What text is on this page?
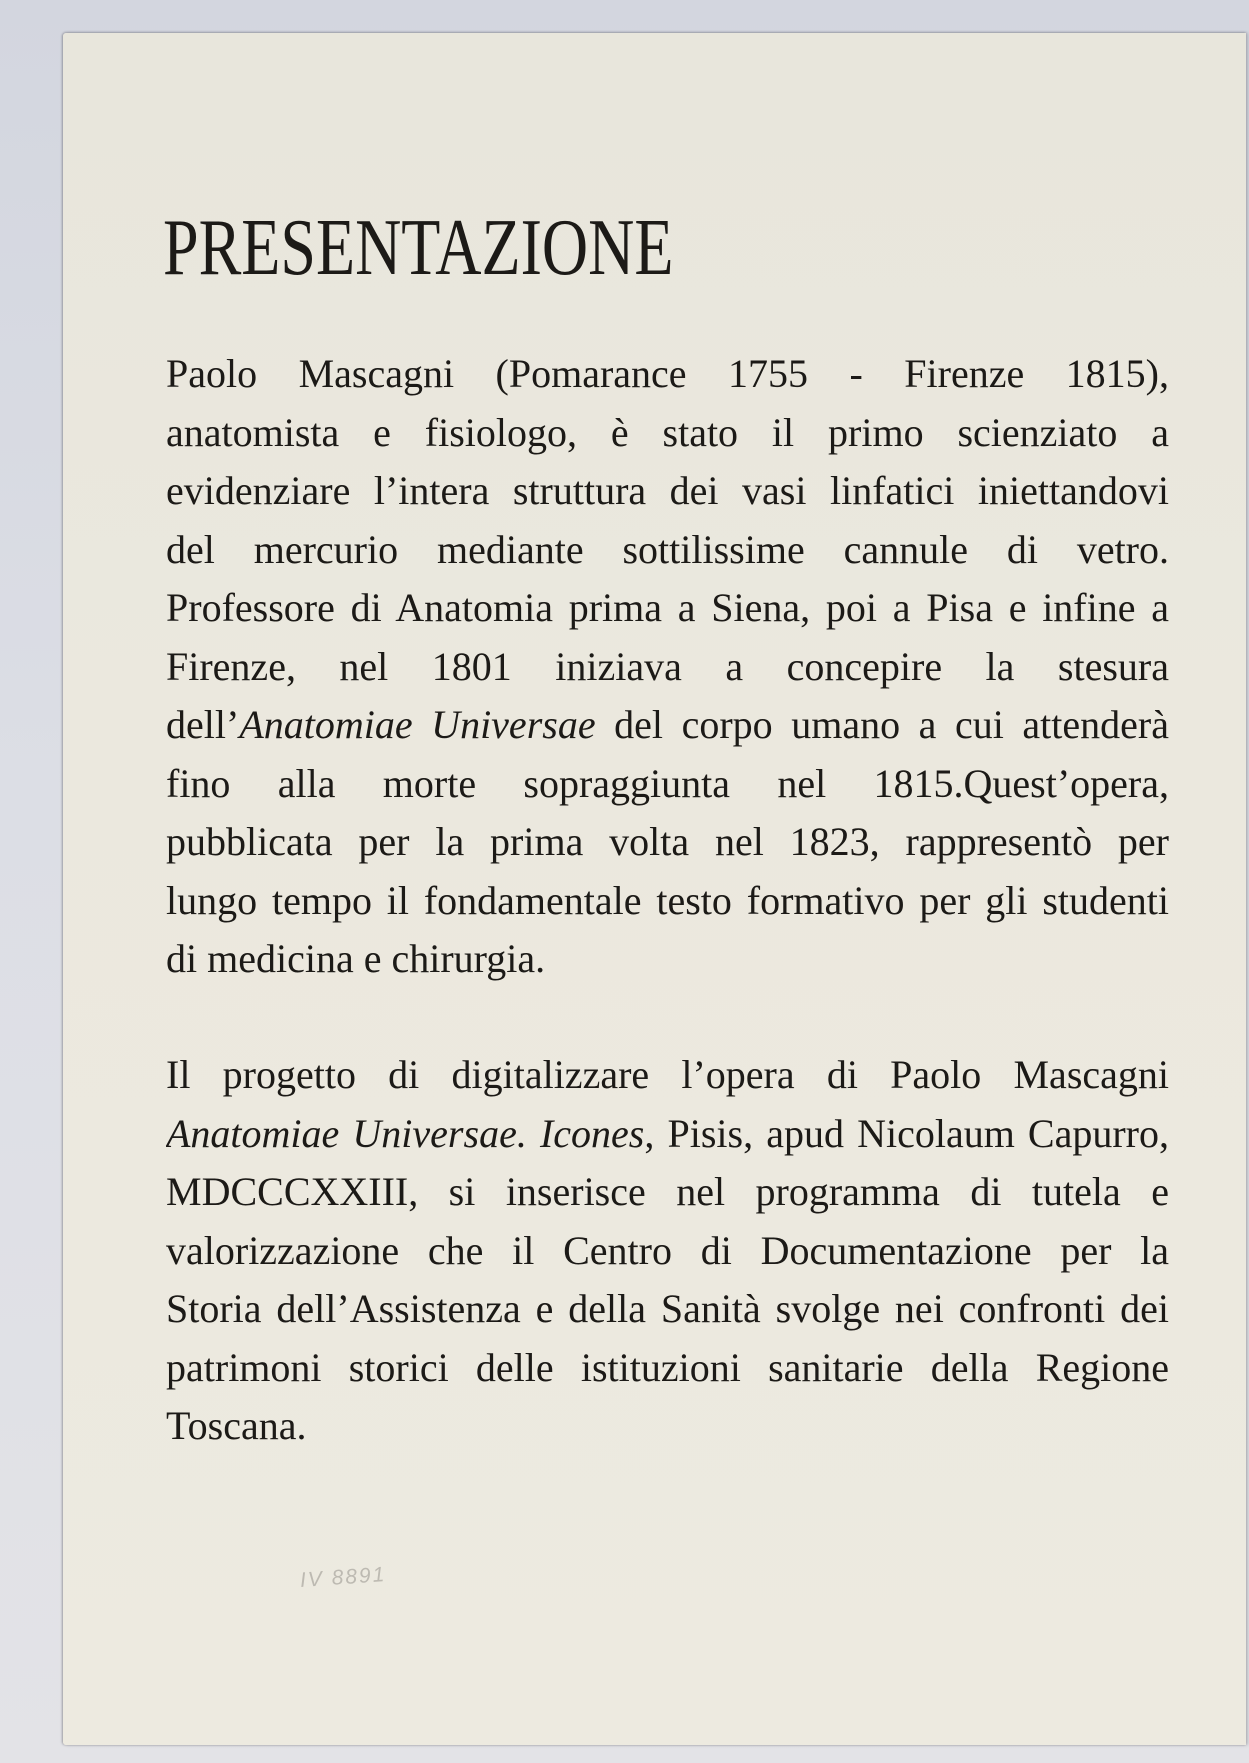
PRESENTAZIONE
Paolo Mascagni (Pomarance 1755 - Firenze 1815),
anatomista e fisiologo, è stato il primo scienziato a
evidenziare l’intera struttura dei vasi linfatici iniettandovi
del mercurio mediante sottilissime cannule di vetro.
Professore di Anatomia prima a Siena, poi a Pisa e infine a
Firenze, nel 1801 iniziava a concepire la stesura
dell’Anatomiae Universae del corpo umano a cui attenderà
fino alla morte sopraggiunta nel 1815.Quest’opera,
pubblicata per la prima volta nel 1823, rappresentò per
lungo tempo il fondamentale testo formativo per gli studenti
di medicina e chirurgia.
Il progetto di digitalizzare l’opera di Paolo Mascagni
Anatomiae Universae. Icones, Pisis, apud Nicolaum Capurro,
MDCCCXXIII, si inserisce nel programma di tutela e
valorizzazione che il Centro di Documentazione per la
Storia dell’Assistenza e della Sanità svolge nei confronti dei
patrimoni storici delle istituzioni sanitarie della Regione
Toscana.
IV 8891
